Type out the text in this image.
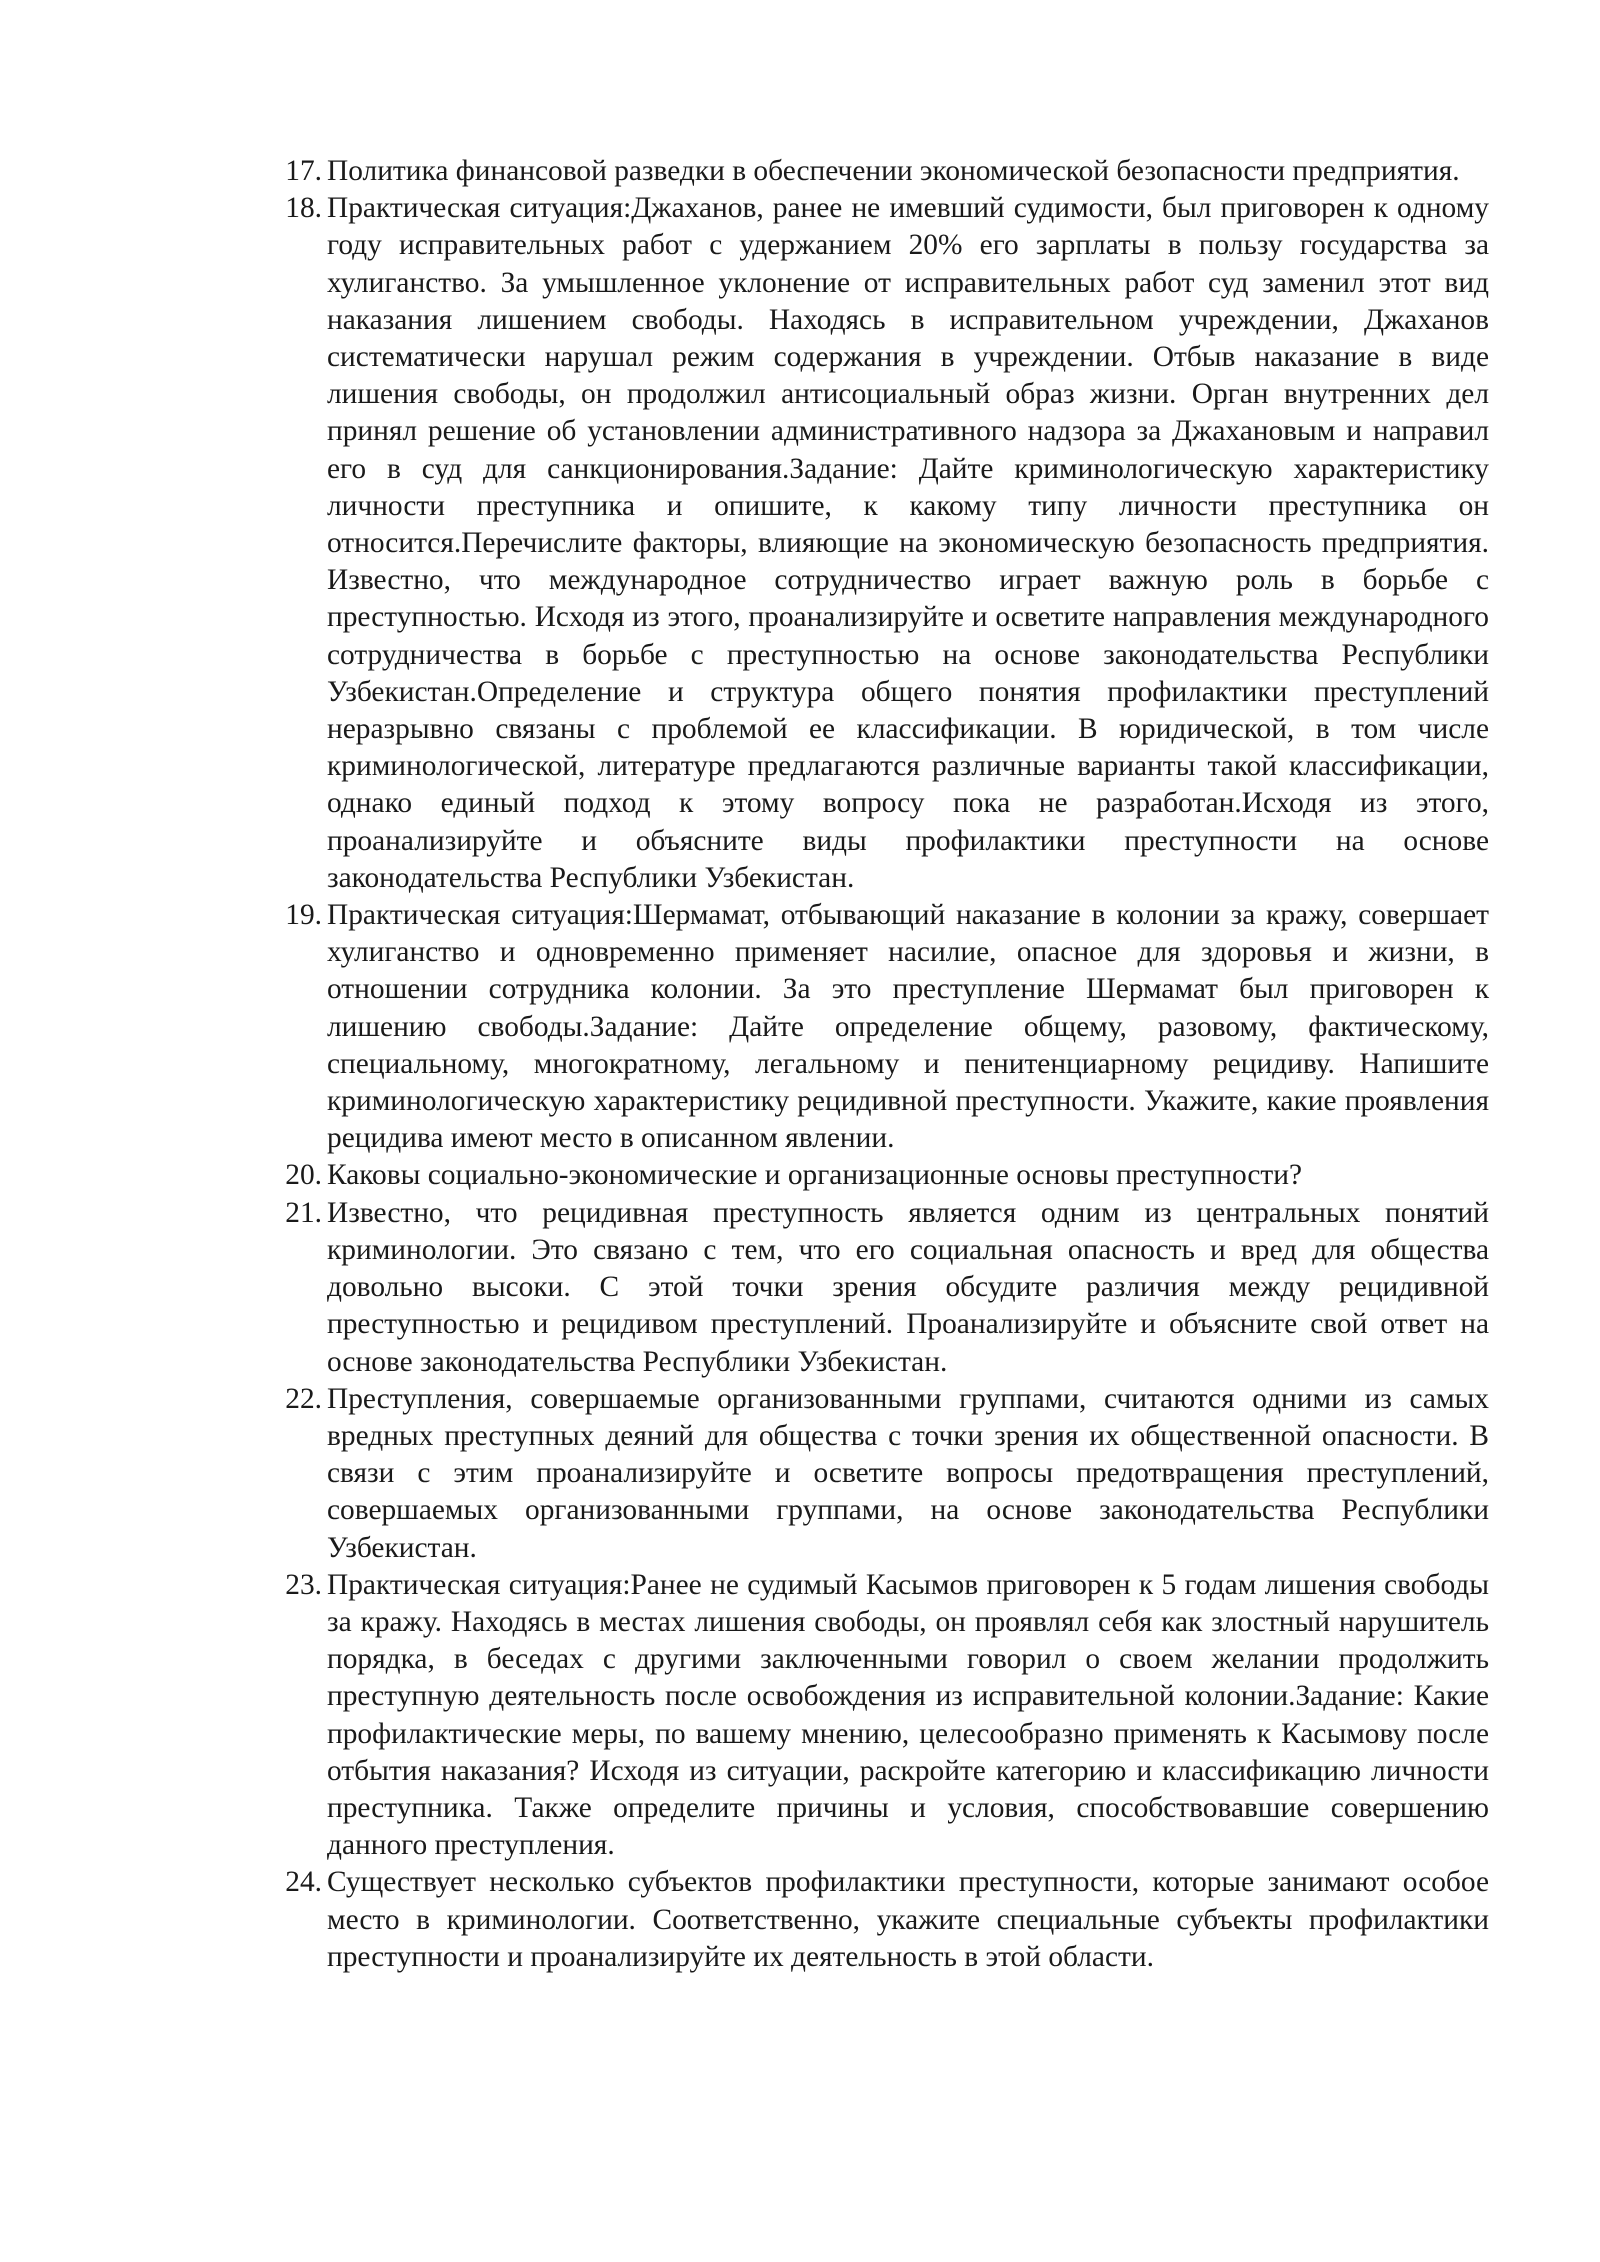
17. Политика финансовой разведки в обеспечении экономической безопасности предприятия.
18. Практическая ситуация:Джаханов, ранее не имевший судимости, был приговорен к одному году исправительных работ с удержанием 20% его зарплаты в пользу государства за хулиганство. За умышленное уклонение от исправительных работ суд заменил этот вид наказания лишением свободы. Находясь в исправительном учреждении, Джаханов систематически нарушал режим содержания в учреждении. Отбыв наказание в виде лишения свободы, он продолжил антисоциальный образ жизни. Орган внутренних дел принял решение об установлении административного надзора за Джахановым и направил его в суд для санкционирования.Задание: Дайте криминологическую характеристику личности преступника и опишите, к какому типу личности преступника он относится.Перечислите факторы, влияющие на экономическую безопасность предприятия. Известно, что международное сотрудничество играет важную роль в борьбе с преступностью. Исходя из этого, проанализируйте и осветите направления международного сотрудничества в борьбе с преступностью на основе законодательства Республики Узбекистан.Определение и структура общего понятия профилактики преступлений неразрывно связаны с проблемой ее классификации. В юридической, в том числе криминологической, литературе предлагаются различные варианты такой классификации, однако единый подход к этому вопросу пока не разработан.Исходя из этого, проанализируйте и объясните виды профилактики преступности на основе законодательства Республики Узбекистан.
19. Практическая ситуация:Шермамат, отбывающий наказание в колонии за кражу, совершает хулиганство и одновременно применяет насилие, опасное для здоровья и жизни, в отношении сотрудника колонии. За это преступление Шермамат был приговорен к лишению свободы.Задание: Дайте определение общему, разовому, фактическому, специальному, многократному, легальному и пенитенциарному рецидиву. Напишите криминологическую характеристику рецидивной преступности. Укажите, какие проявления рецидива имеют место в описанном явлении.
20. Каковы социально-экономические и организационные основы преступности?
21. Известно, что рецидивная преступность является одним из центральных понятий криминологии. Это связано с тем, что его социальная опасность и вред для общества довольно высоки. С этой точки зрения обсудите различия между рецидивной преступностью и рецидивом преступлений. Проанализируйте и объясните свой ответ на основе законодательства Республики Узбекистан.
22. Преступления, совершаемые организованными группами, считаются одними из самых вредных преступных деяний для общества с точки зрения их общественной опасности. В связи с этим проанализируйте и осветите вопросы предотвращения преступлений, совершаемых организованными группами, на основе законодательства Республики Узбекистан.
23. Практическая ситуация:Ранее не судимый Касымов приговорен к 5 годам лишения свободы за кражу. Находясь в местах лишения свободы, он проявлял себя как злостный нарушитель порядка, в беседах с другими заключенными говорил о своем желании продолжить преступную деятельность после освобождения из исправительной колонии.Задание: Какие профилактические меры, по вашему мнению, целесообразно применять к Касымову после отбытия наказания? Исходя из ситуации, раскройте категорию и классификацию личности преступника. Также определите причины и условия, способствовавшие совершению данного преступления.
24. Существует несколько субъектов профилактики преступности, которые занимают особое место в криминологии. Соответственно, укажите специальные субъекты профилактики преступности и проанализируйте их деятельность в этой области.
